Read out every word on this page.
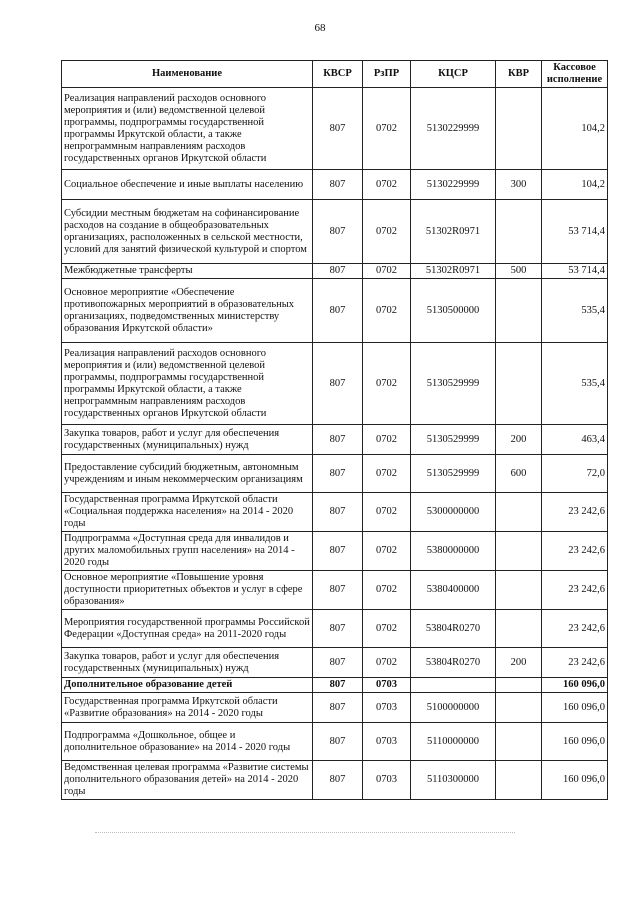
68
Наименование	КВСР	РзПР	КЦСР	КВР	Кассовое исполнение
Реализация направлений расходов основного мероприятия и (или) ведомственной целевой программы, подпрограммы государственной программы Иркутской области, а также непрограммным направлениям расходов государственных органов Иркутской области	807	0702	5130229999		104,2
Социальное обеспечение и иные выплаты населению	807	0702	5130229999	300	104,2
Субсидии местным бюджетам на софинансирование расходов на создание в общеобразовательных организациях, расположенных в сельской местности, условий для занятий физической культурой и спортом	807	0702	51302R0971		53 714,4
Межбюджетные трансферты	807	0702	51302R0971	500	53 714,4
Основное мероприятие «Обеспечение противопожарных мероприятий в образовательных организациях, подведомственных министерству образования Иркутской области»	807	0702	5130500000		535,4
Реализация направлений расходов основного мероприятия и (или) ведомственной целевой программы, подпрограммы государственной программы Иркутской области, а также непрограммным направлениям расходов государственных органов Иркутской области	807	0702	5130529999		535,4
Закупка товаров, работ и услуг для обеспечения государственных (муниципальных) нужд	807	0702	5130529999	200	463,4
Предоставление субсидий бюджетным, автономным учреждениям и иным некоммерческим организациям	807	0702	5130529999	600	72,0
Государственная программа Иркутской области «Социальная поддержка населения» на 2014 - 2020 годы	807	0702	5300000000		23 242,6
Подпрограмма «Доступная среда для инвалидов и других маломобильных групп населения» на 2014 - 2020 годы	807	0702	5380000000		23 242,6
Основное мероприятие «Повышение уровня доступности приоритетных объектов и услуг в сфере образования»	807	0702	5380400000		23 242,6
Мероприятия государственной программы Российской Федерации «Доступная среда» на 2011-2020 годы	807	0702	53804R0270		23 242,6
Закупка товаров, работ и услуг для обеспечения государственных (муниципальных) нужд	807	0702	53804R0270	200	23 242,6
Дополнительное образование детей	807	0703			160 096,0
Государственная программа Иркутской области «Развитие образования» на 2014 - 2020 годы	807	0703	5100000000		160 096,0
Подпрограмма «Дошкольное, общее и дополнительное образование» на 2014 - 2020 годы	807	0703	5110000000		160 096,0
Ведомственная целевая программа «Развитие системы дополнительного образования детей» на 2014 - 2020 годы	807	0703	5110300000		160 096,0
